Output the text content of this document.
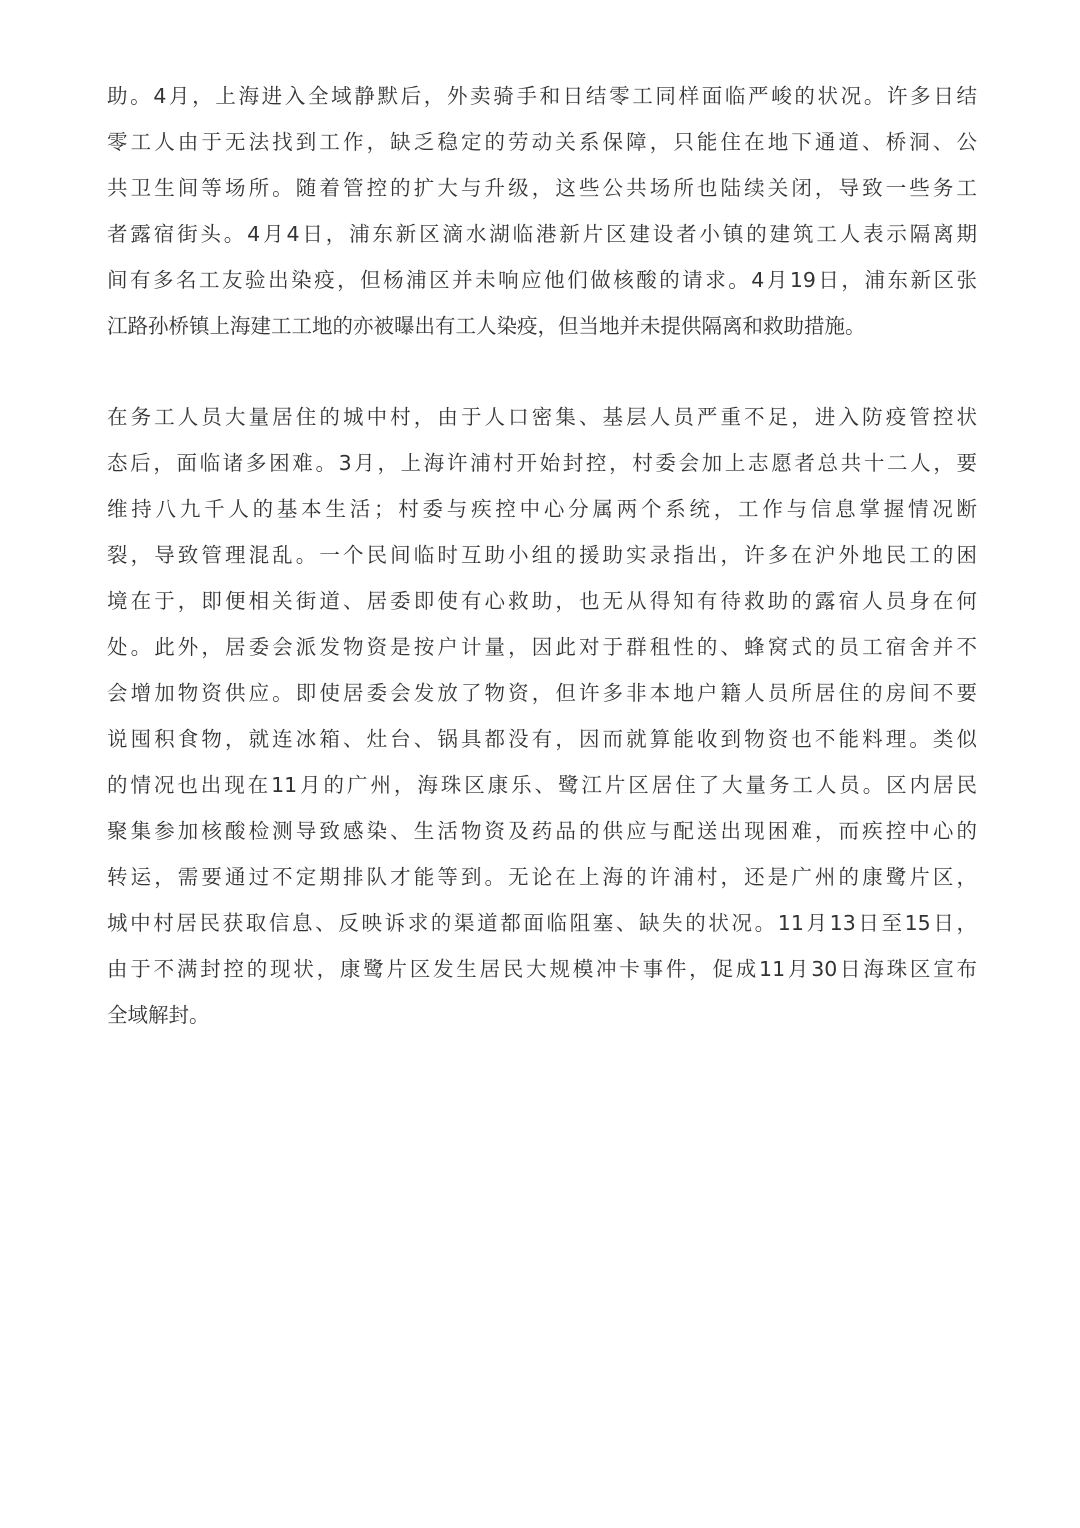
助。4月，上海进入全域静默后，外卖骑手和日结零工同样面临严峻的状况。许多日结
零工人由于无法找到工作，缺乏稳定的劳动关系保障，只能住在地下通道、桥洞、公
共卫生间等场所。随着管控的扩大与升级，这些公共场所也陆续关闭，导致一些务工
者露宿街头。4月4日，浦东新区滴水湖临港新片区建设者小镇的建筑工人表示隔离期
间有多名工友验出染疫，但杨浦区并未响应他们做核酸的请求。4月19日，浦东新区张
江路孙桥镇上海建工工地的亦被曝出有工人染疫，但当地并未提供隔离和救助措施。
在务工人员大量居住的城中村，由于人口密集、基层人员严重不足，进入防疫管控状
态后，面临诸多困难。3月，上海许浦村开始封控，村委会加上志愿者总共十二人，要
维持八九千人的基本生活；村委与疾控中心分属两个系统，工作与信息掌握情况断
裂，导致管理混乱。一个民间临时互助小组的援助实录指出，许多在沪外地民工的困
境在于，即便相关街道、居委即使有心救助，也无从得知有待救助的露宿人员身在何
处。此外，居委会派发物资是按户计量，因此对于群租性的、蜂窝式的员工宿舍并不
会增加物资供应。即使居委会发放了物资，但许多非本地户籍人员所居住的房间不要
说囤积食物，就连冰箱、灶台、锅具都没有，因而就算能收到物资也不能料理。类似
的情况也出现在11月的广州，海珠区康乐、鹭江片区居住了大量务工人员。区内居民
聚集参加核酸检测导致感染、生活物资及药品的供应与配送出现困难，而疾控中心的
转运，需要通过不定期排队才能等到。无论在上海的许浦村，还是广州的康鹭片区，
城中村居民获取信息、反映诉求的渠道都面临阻塞、缺失的状况。11月13日至15日，
由于不满封控的现状，康鹭片区发生居民大规模冲卡事件，促成11月30日海珠区宣布
全域解封。
